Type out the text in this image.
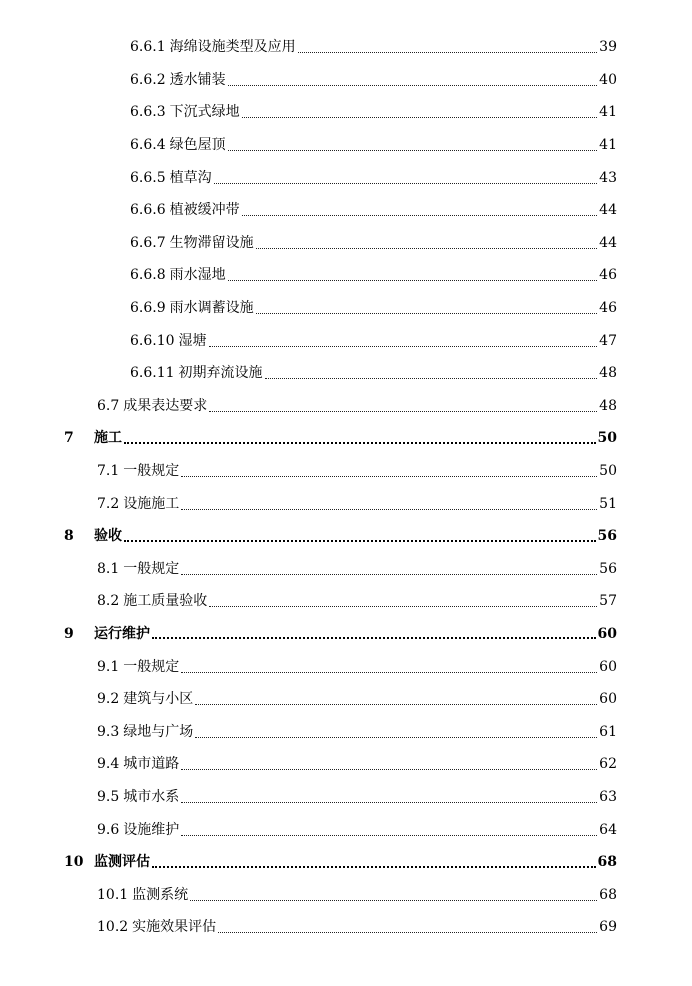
6.6.1 海绵设施类型及应用	39
6.6.2 透水铺装	40
6.6.3 下沉式绿地	41
6.6.4 绿色屋顶	41
6.6.5 植草沟	43
6.6.6 植被缓冲带	44
6.6.7 生物滞留设施	44
6.6.8 雨水湿地	46
6.6.9 雨水调蓄设施	46
6.6.10 湿塘	47
6.6.11 初期弃流设施	48
6.7 成果表达要求	48
7	施工	50
7.1 一般规定	50
7.2 设施施工	51
8	验收	56
8.1 一般规定	56
8.2 施工质量验收	57
9	运行维护	60
9.1 一般规定	60
9.2 建筑与小区	60
9.3 绿地与广场	61
9.4 城市道路	62
9.5 城市水系	63
9.6 设施维护	64
10 监测评估	68
10.1 监测系统	68
10.2 实施效果评估	69
